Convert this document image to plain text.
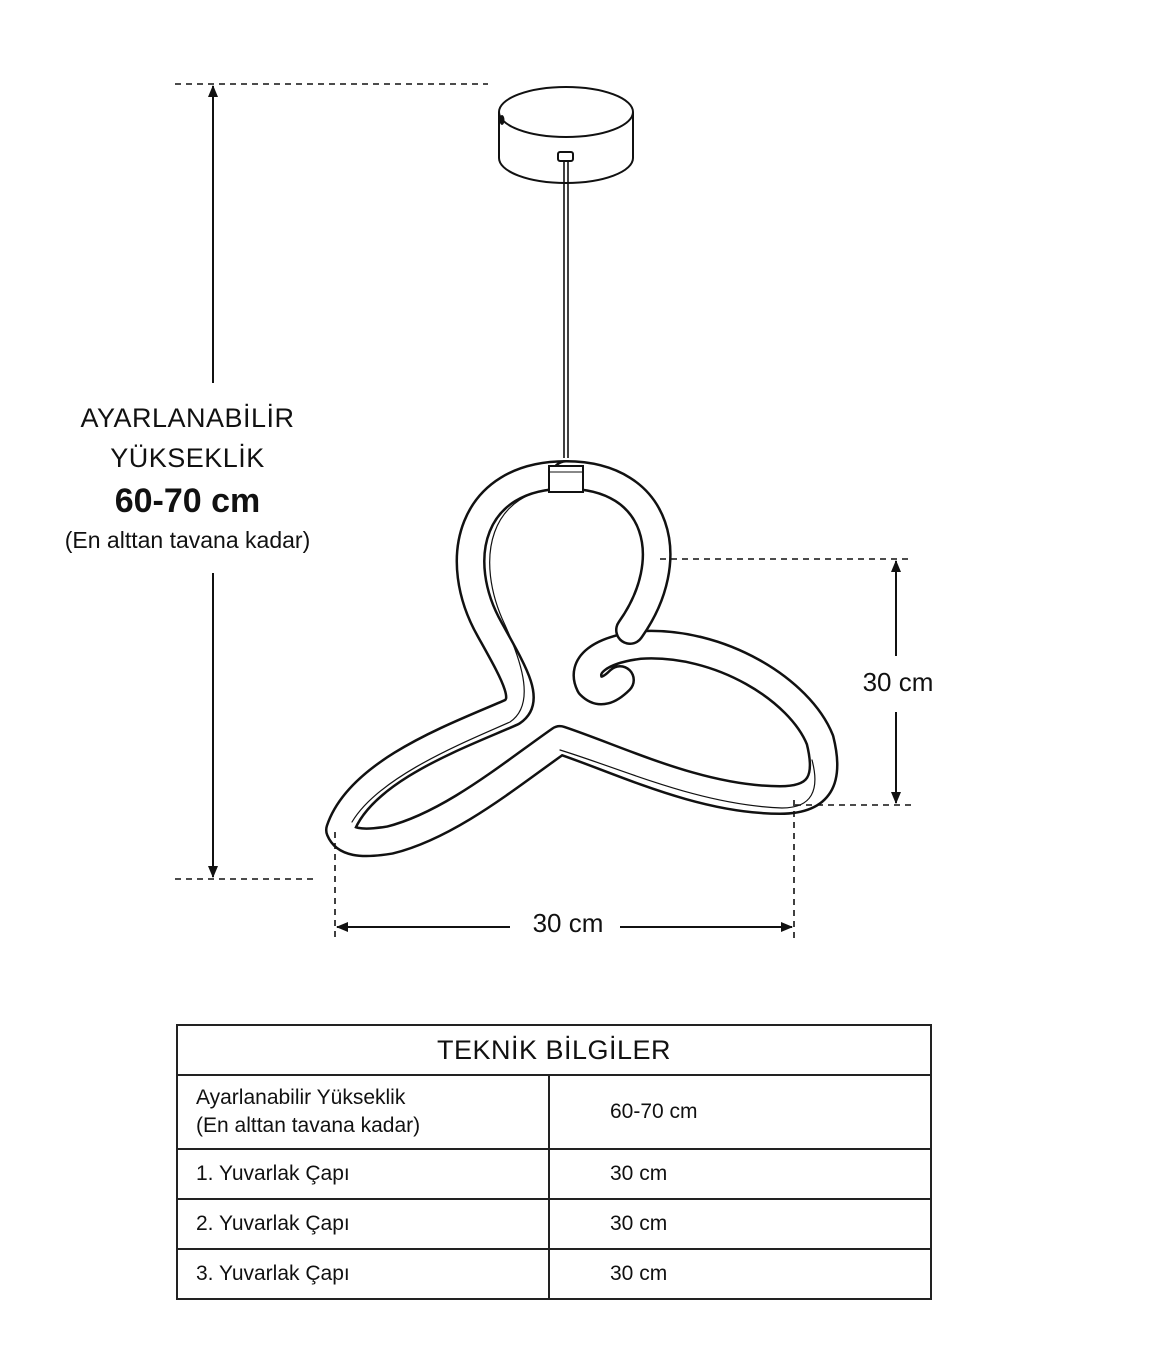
AYARLANABİLİR
YÜKSEKLİK
60-70 cm
(En alttan tavana kadar)
30 cm
30 cm
TEKNİK BİLGİLER	

Ayarlanabilir Yükseklik
(En alttan tavana kadar)	60-70 cm
1. Yuvarlak Çapı	30 cm
2. Yuvarlak Çapı	30 cm
3. Yuvarlak Çapı	30 cm
